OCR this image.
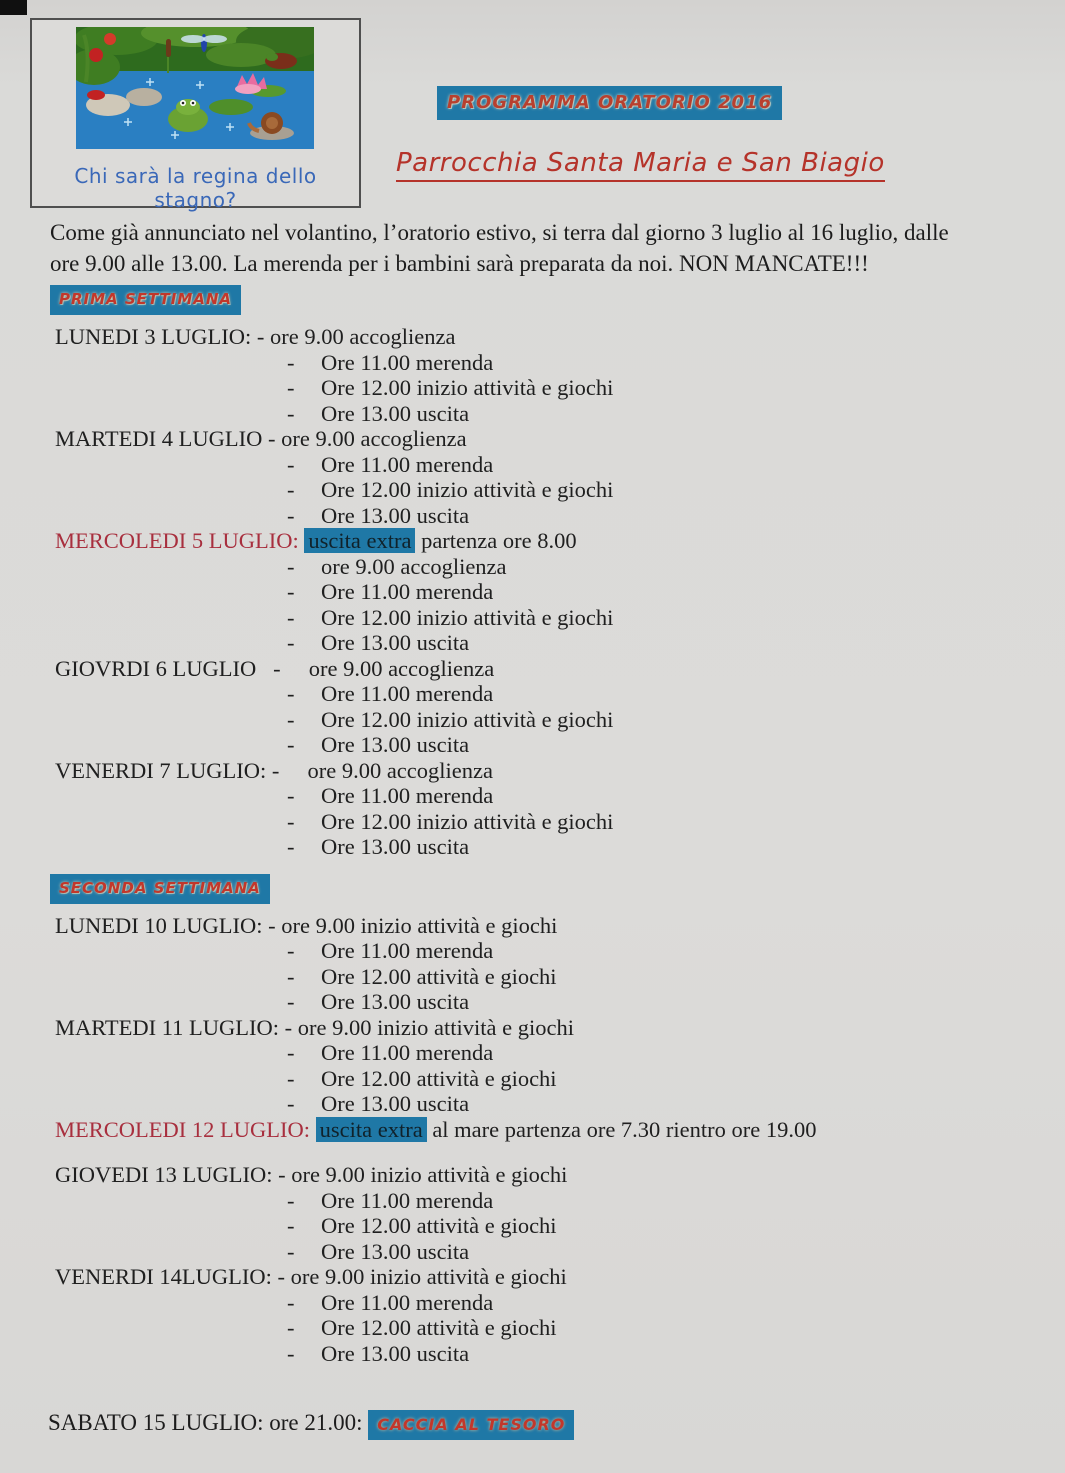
Chi sarà la regina dello stagno?
PROGRAMMA ORATORIO 2016
Parrocchia Santa Maria e San Biagio
Come già annunciato nel volantino, l’oratorio estivo, si terra dal giorno 3 luglio al 16 luglio, dalle
ore 9.00 alle 13.00. La merenda per i bambini sarà preparata da noi. NON MANCATE!!!
PRIMA SETTIMANA
LUNEDI 3 LUGLIO: - ore 9.00 accoglienza
- Ore 11.00 merenda
- Ore 12.00 inizio attività e giochi
- Ore 13.00 uscita
MARTEDI 4 LUGLIO - ore 9.00 accoglienza
- Ore 11.00 merenda
- Ore 12.00 inizio attività e giochi
- Ore 13.00 uscita
MERCOLEDI 5 LUGLIO: uscita extra partenza ore 8.00
- ore 9.00 accoglienza
- Ore 11.00 merenda
- Ore 12.00 inizio attività e giochi
- Ore 13.00 uscita
GIOVRDI 6 LUGLIO   -     ore 9.00 accoglienza
- Ore 11.00 merenda
- Ore 12.00 inizio attività e giochi
- Ore 13.00 uscita
VENERDI 7 LUGLIO: -     ore 9.00 accoglienza
- Ore 11.00 merenda
- Ore 12.00 inizio attività e giochi
- Ore 13.00 uscita
SECONDA SETTIMANA
LUNEDI 10 LUGLIO: - ore 9.00 inizio attività e giochi
- Ore 11.00 merenda
- Ore 12.00 attività e giochi
- Ore 13.00 uscita
MARTEDI 11 LUGLIO: - ore 9.00 inizio attività e giochi
- Ore 11.00 merenda
- Ore 12.00 attività e giochi
- Ore 13.00 uscita
MERCOLEDI 12 LUGLIO: uscita extra al mare partenza ore 7.30 rientro ore 19.00
GIOVEDI 13 LUGLIO: - ore 9.00 inizio attività e giochi
- Ore 11.00 merenda
- Ore 12.00 attività e giochi
- Ore 13.00 uscita
VENERDI 14LUGLIO: - ore 9.00 inizio attività e giochi
- Ore 11.00 merenda
- Ore 12.00 attività e giochi
- Ore 13.00 uscita
SABATO 15 LUGLIO: ore 21.00: CACCIA AL TESORO
